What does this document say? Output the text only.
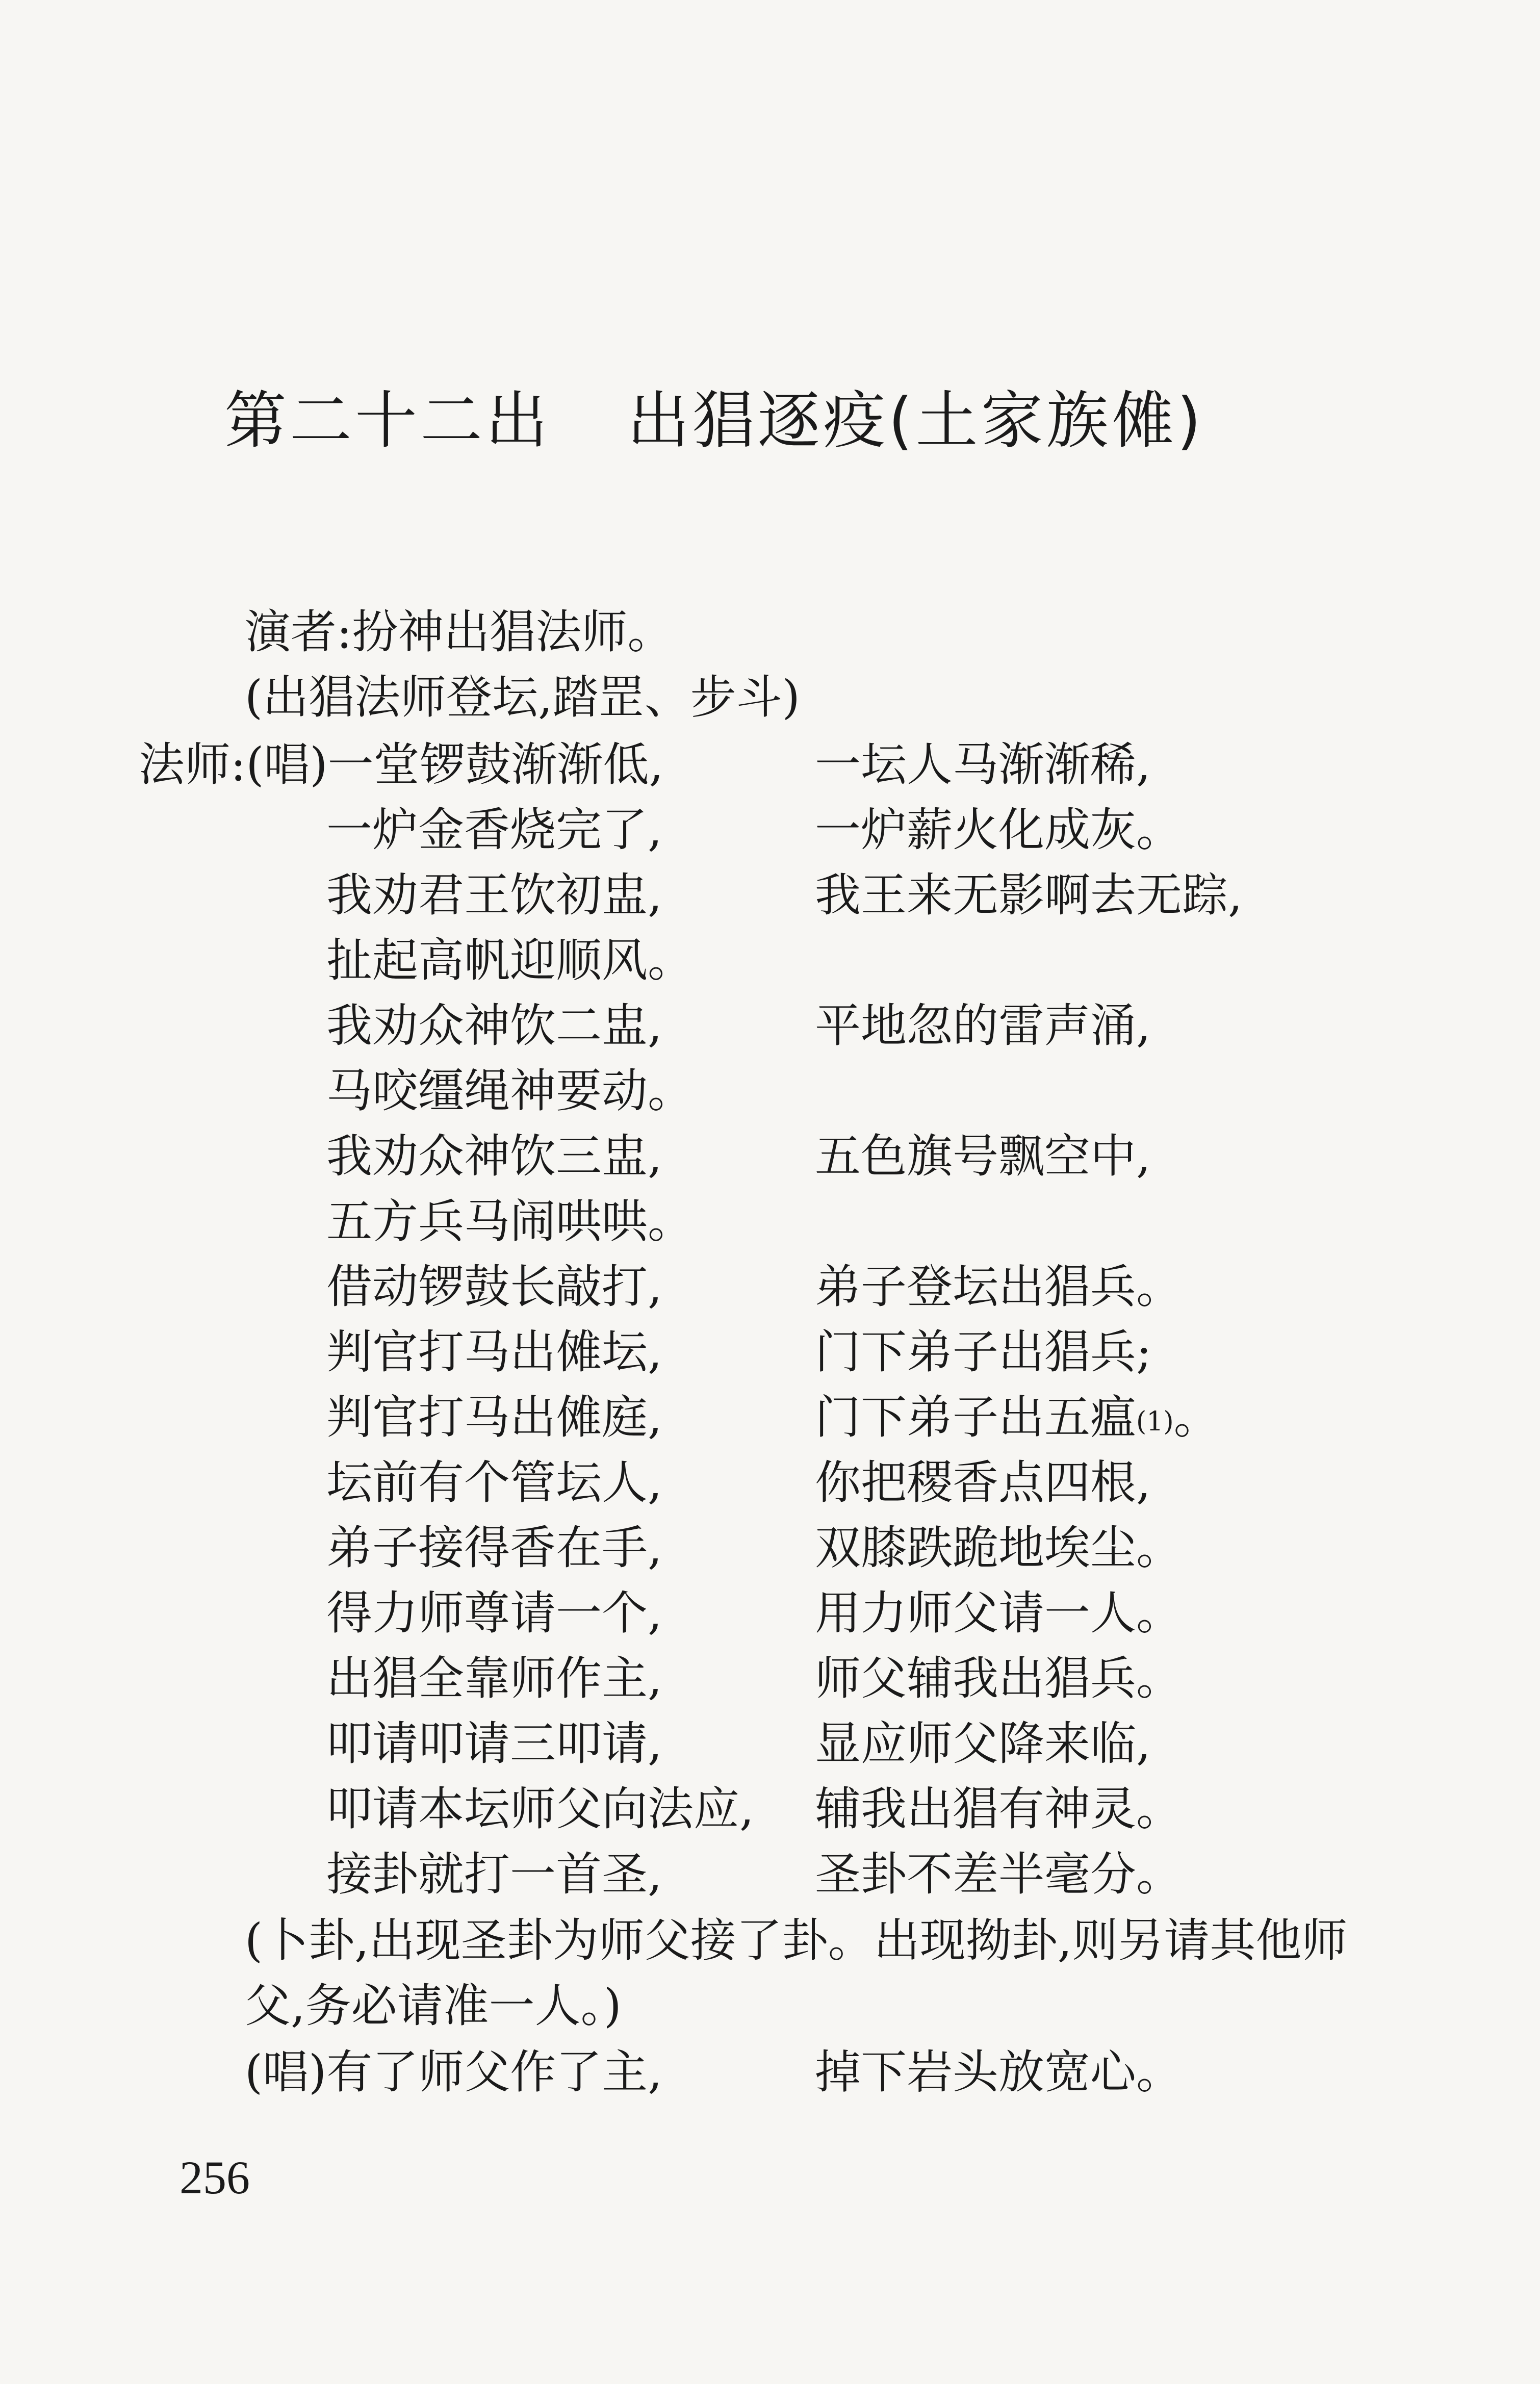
第二十二出 出猖逐疫(土家族傩)
演者:扮神出猖法师。
(出猖法师登坛,踏罡、步斗)
法师:(唱)一堂锣鼓渐渐低,	一坛人马渐渐稀,
一炉金香烧完了,	一炉薪火化成灰。
我劝君王饮初盅,	我王来无影啊去无踪,
扯起高帆迎顺风。
我劝众神饮二盅,	平地忽的雷声涌,
马咬缰绳神要动。
我劝众神饮三盅,	五色旗号飘空中,
五方兵马闹哄哄。
借动锣鼓长敲打,	弟子登坛出猖兵。
判官打马出傩坛,	门下弟子出猖兵;
判官打马出傩庭,	门下弟子出五瘟$^{(1)}$。
坛前有个管坛人,	你把稷香点四根,
弟子接得香在手,	双膝跌跪地埃尘。
得力师尊请一个,	用力师父请一人。
出猖全靠师作主,	师父辅我出猖兵。
叩请叩请三叩请,	显应师父降来临,
叩请本坛师父向法应, 辅我出猖有神灵。
接卦就打一首圣,	圣卦不差半毫分。
(卜卦,出现圣卦为师父接了卦。出现拗卦,则另请其他师
父,务必请准一人。)
(唱)有了师父作了主,	掉下岩头放宽心。
256
